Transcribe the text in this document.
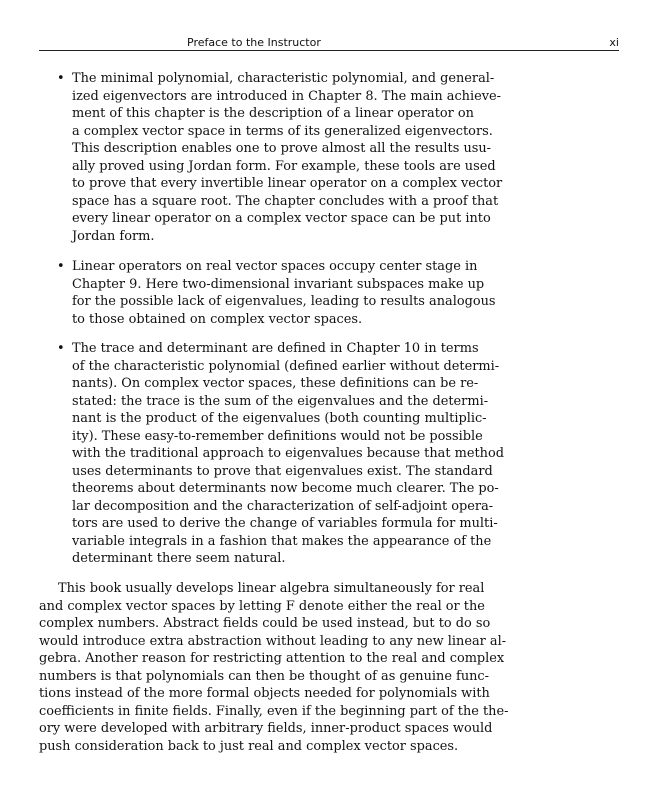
Preface to the Instructor	xi
• The minimal polynomial, characteristic polynomial, and general-
ized eigenvectors are introduced in Chapter 8. The main achieve-
ment of this chapter is the description of a linear operator on
a complex vector space in terms of its generalized eigenvectors.
This description enables one to prove almost all the results usu-
ally proved using Jordan form. For example, these tools are used
to prove that every invertible linear operator on a complex vector
space has a square root. The chapter concludes with a proof that
every linear operator on a complex vector space can be put into
Jordan form.
• Linear operators on real vector spaces occupy center stage in
Chapter 9. Here two-dimensional invariant subspaces make up
for the possible lack of eigenvalues, leading to results analogous
to those obtained on complex vector spaces.
• The trace and determinant are defined in Chapter 10 in terms
of the characteristic polynomial (defined earlier without determi-
nants). On complex vector spaces, these definitions can be re-
stated: the trace is the sum of the eigenvalues and the determi-
nant is the product of the eigenvalues (both counting multiplic-
ity). These easy-to-remember definitions would not be possible
with the traditional approach to eigenvalues because that method
uses determinants to prove that eigenvalues exist. The standard
theorems about determinants now become much clearer. The po-
lar decomposition and the characterization of self-adjoint opera-
tors are used to derive the change of variables formula for multi-
variable integrals in a fashion that makes the appearance of the
determinant there seem natural.
This book usually develops linear algebra simultaneously for real
and complex vector spaces by letting F denote either the real or the
complex numbers. Abstract fields could be used instead, but to do so
would introduce extra abstraction without leading to any new linear al-
gebra. Another reason for restricting attention to the real and complex
numbers is that polynomials can then be thought of as genuine func-
tions instead of the more formal objects needed for polynomials with
coefficients in finite fields. Finally, even if the beginning part of the the-
ory were developed with arbitrary fields, inner-product spaces would
push consideration back to just real and complex vector spaces.
